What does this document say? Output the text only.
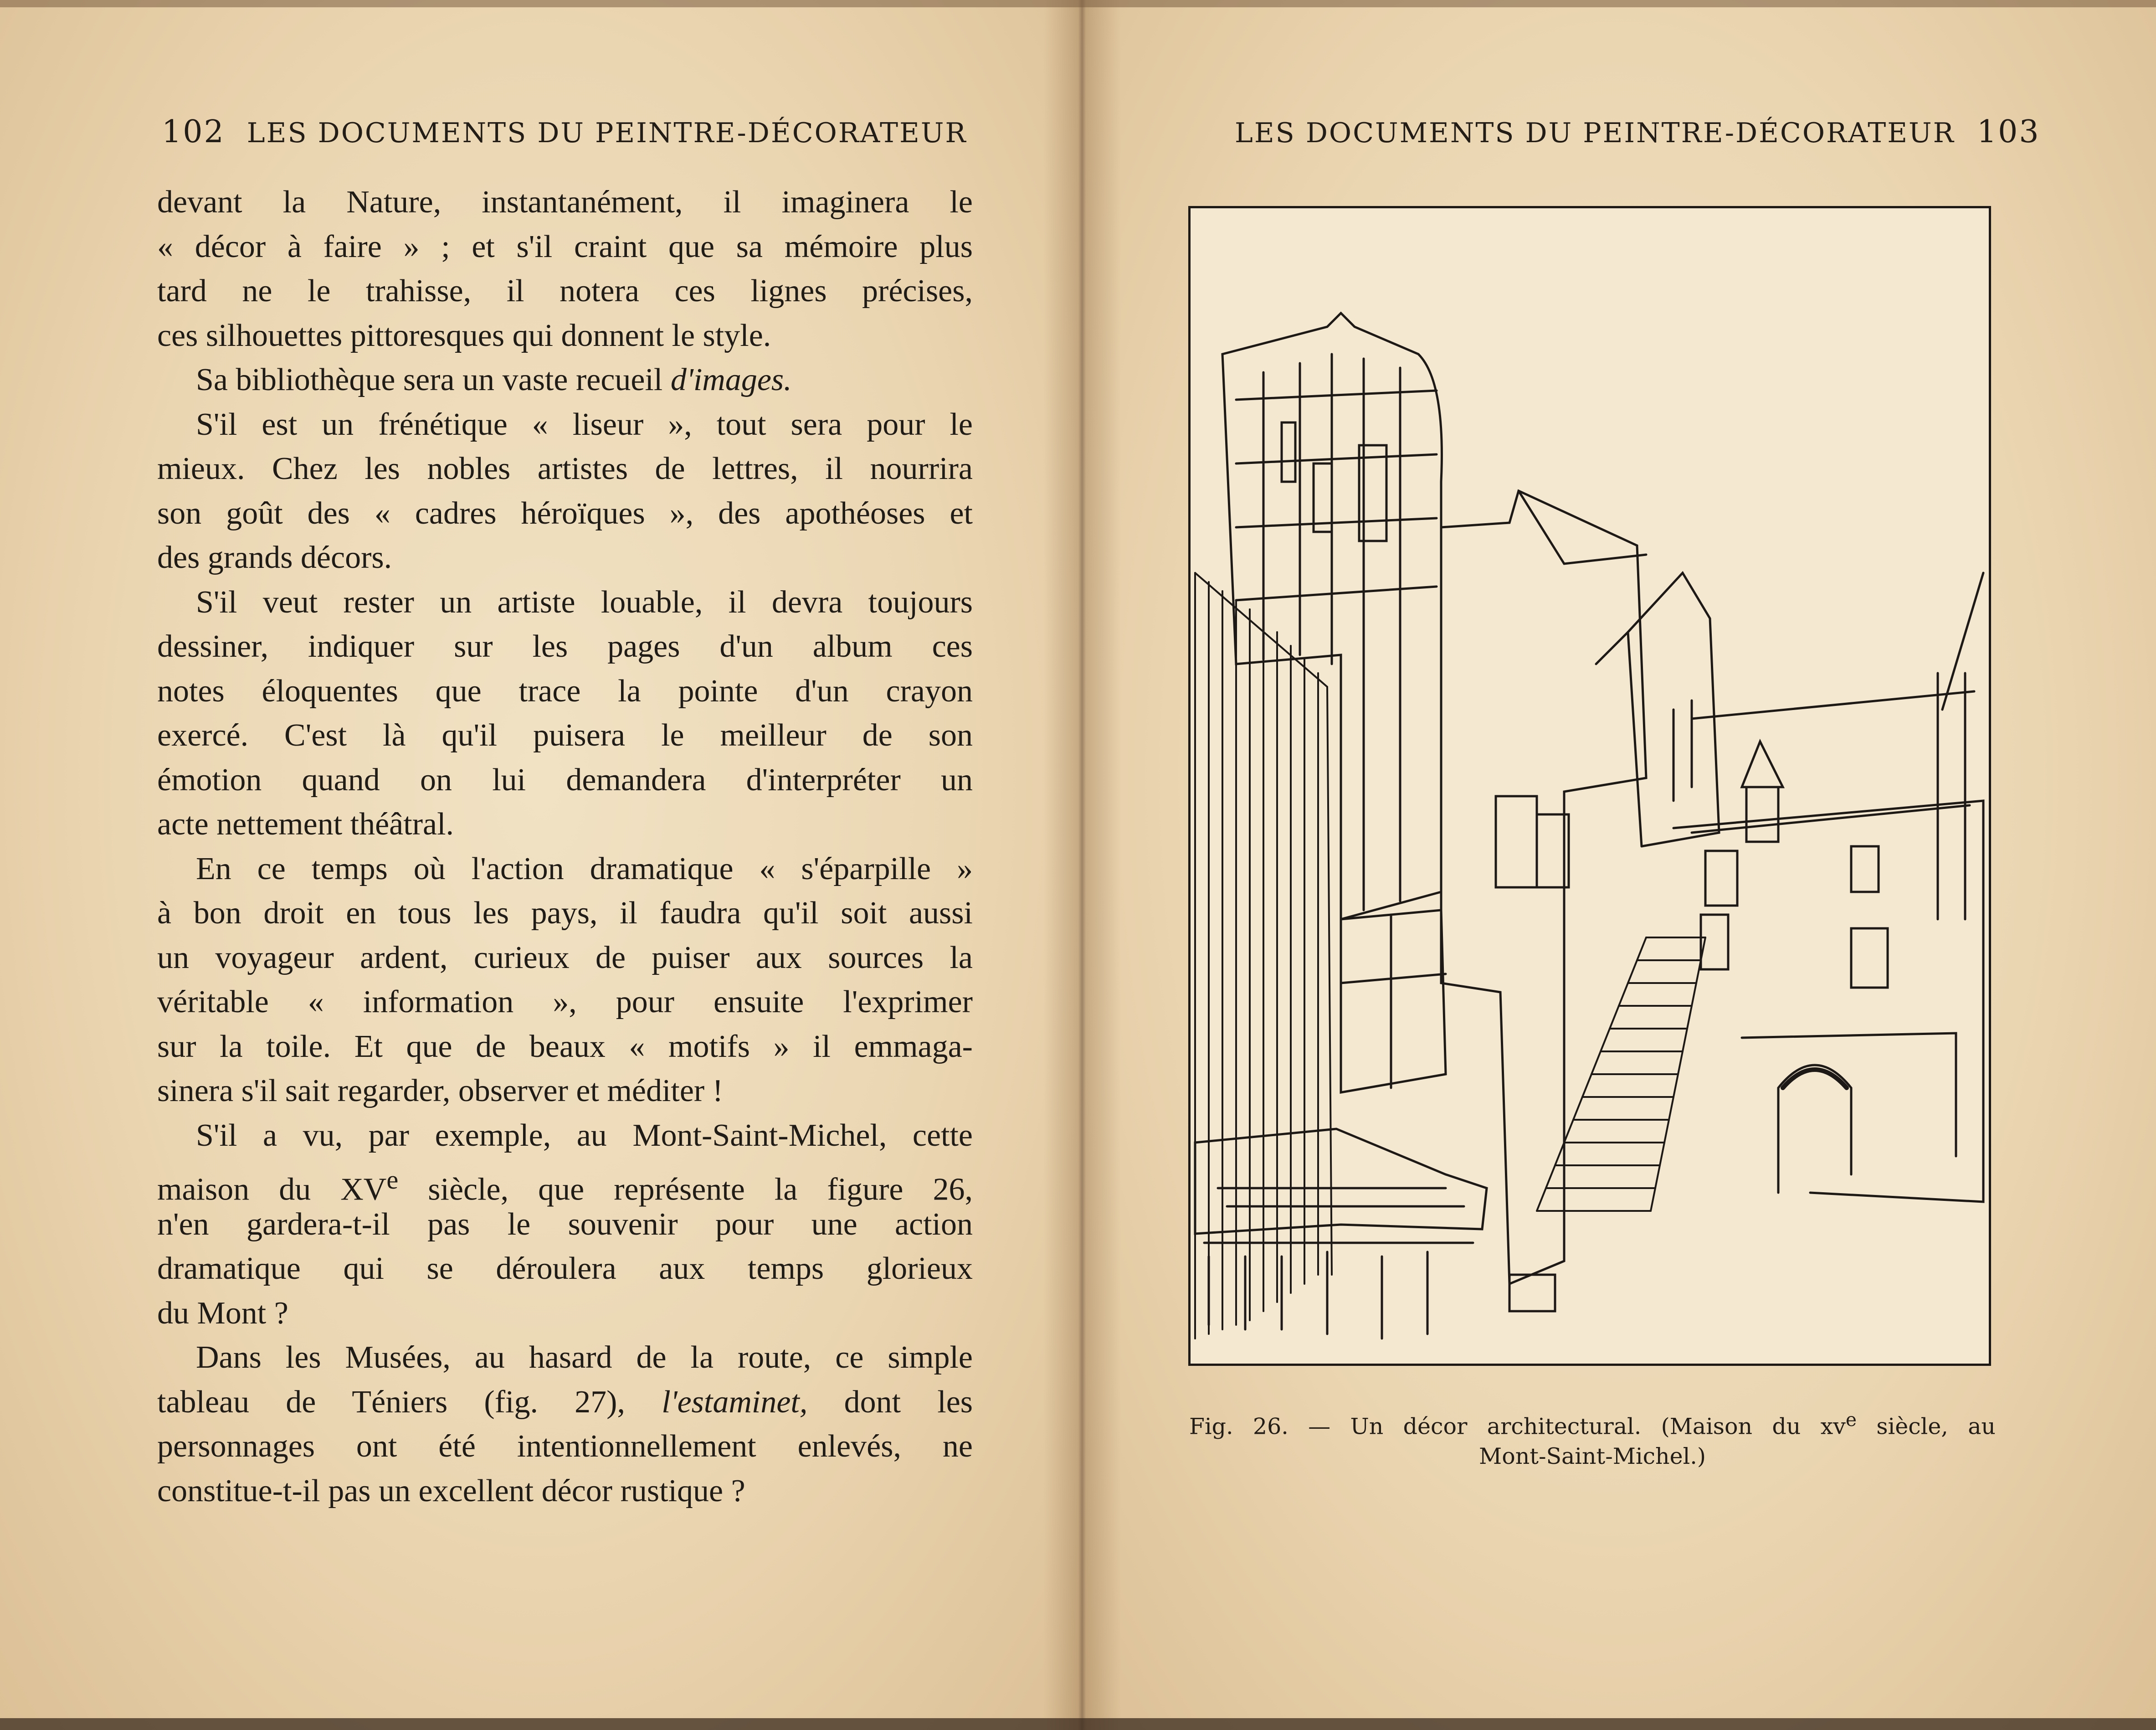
102 LES DOCUMENTS DU PEINTRE-DÉCORATEUR
devant la Nature, instantanément, il imaginera le
« décor à faire » ; et s'il craint que sa mémoire plus
tard ne le trahisse, il notera ces lignes précises,
ces silhouettes pittoresques qui donnent le style.
Sa bibliothèque sera un vaste recueil d'images.
S'il est un frénétique « liseur », tout sera pour le
mieux. Chez les nobles artistes de lettres, il nourrira
son goût des « cadres héroïques », des apothéoses et
des grands décors.
S'il veut rester un artiste louable, il devra toujours
dessiner, indiquer sur les pages d'un album ces
notes éloquentes que trace la pointe d'un crayon
exercé. C'est là qu'il puisera le meilleur de son
émotion quand on lui demandera d'interpréter un
acte nettement théâtral.
En ce temps où l'action dramatique « s'éparpille »
à bon droit en tous les pays, il faudra qu'il soit aussi
un voyageur ardent, curieux de puiser aux sources la
véritable « information », pour ensuite l'exprimer
sur la toile. Et que de beaux « motifs » il emmaga-
sinera s'il sait regarder, observer et méditer !
S'il a vu, par exemple, au Mont-Saint-Michel, cette
maison du XVe siècle, que représente la figure 26,
n'en gardera-t-il pas le souvenir pour une action
dramatique qui se déroulera aux temps glorieux
du Mont ?
Dans les Musées, au hasard de la route, ce simple
tableau de Téniers (fig. 27), l'estaminet, dont les
personnages ont été intentionnellement enlevés, ne
constitue-t-il pas un excellent décor rustique ?
LES DOCUMENTS DU PEINTRE-DÉCORATEUR 103
Fig. 26. — Un décor architectural. (Maison du $xv^e$ siècle, au
Mont-Saint-Michel.)
